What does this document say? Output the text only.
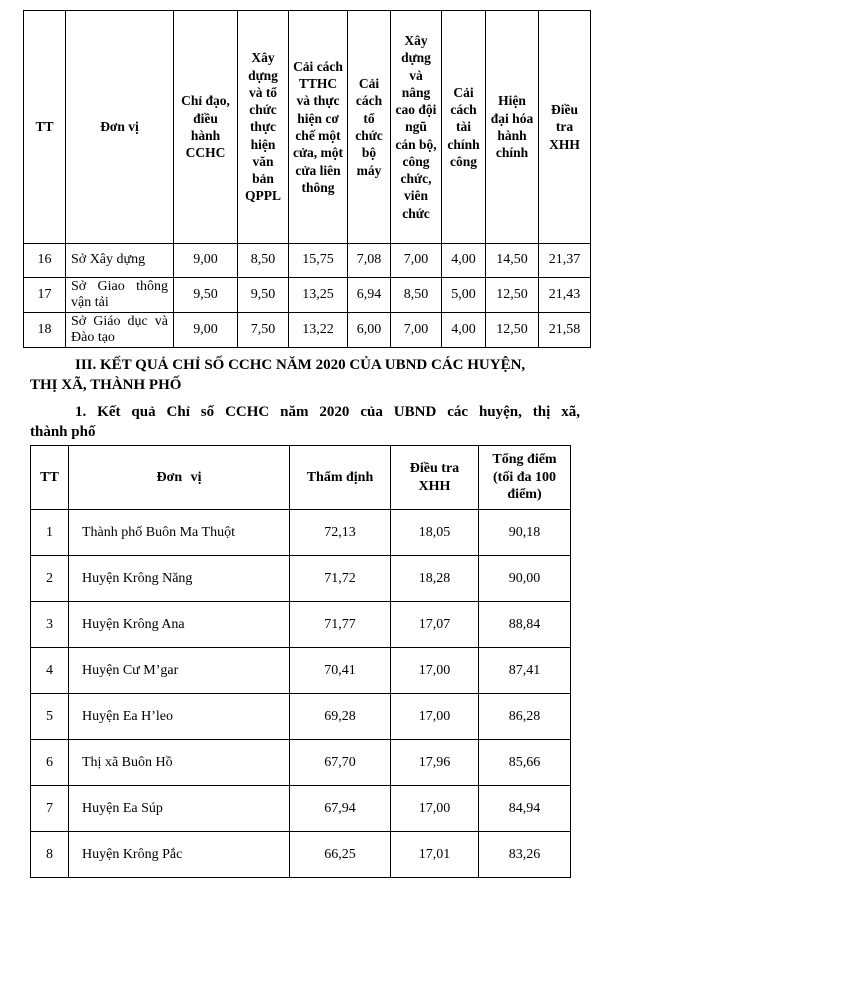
TT	Đơn vị	Chỉ đạo, điều hành CCHC	Xây dựng và tổ chức thực hiện văn bản QPPL	Cải cách TTHC và thực hiện cơ chế một cửa, một cửa liên thông	Cải cách tổ chức bộ máy	Xây dựng và nâng cao đội ngũ cán bộ, công chức, viên chức	Cải cách tài chính công	Hiện đại hóa hành chính	Điều tra XHH
16	Sở Xây dựng	9,00	8,50	15,75	7,08	7,00	4,00	14,50	21,37
17	Sở Giao thông vận tải	9,50	9,50	13,25	6,94	8,50	5,00	12,50	21,43
18	Sở Giáo dục và Đào tạo	9,00	7,50	13,22	6,00	7,00	4,00	12,50	21,58
III. KẾT QUẢ CHỈ SỐ CCHC NĂM 2020 CỦA UBND CÁC HUYỆN,
THỊ XÃ, THÀNH PHỐ
1. Kết quả Chỉ số CCHC năm 2020 của UBND các huyện, thị xã,
thành phố
TT	Đơn vị	Thẩm định	Điều tra XHH	Tổng điểm (tối đa 100 điểm)
1	Thành phố Buôn Ma Thuột	72,13	18,05	90,18
2	Huyện Krông Năng	71,72	18,28	90,00
3	Huyện Krông Ana	71,77	17,07	88,84
4	Huyện Cư M’gar	70,41	17,00	87,41
5	Huyện Ea H’leo	69,28	17,00	86,28
6	Thị xã Buôn Hồ	67,70	17,96	85,66
7	Huyện Ea Súp	67,94	17,00	84,94
8	Huyện Krông Pắc	66,25	17,01	83,26
